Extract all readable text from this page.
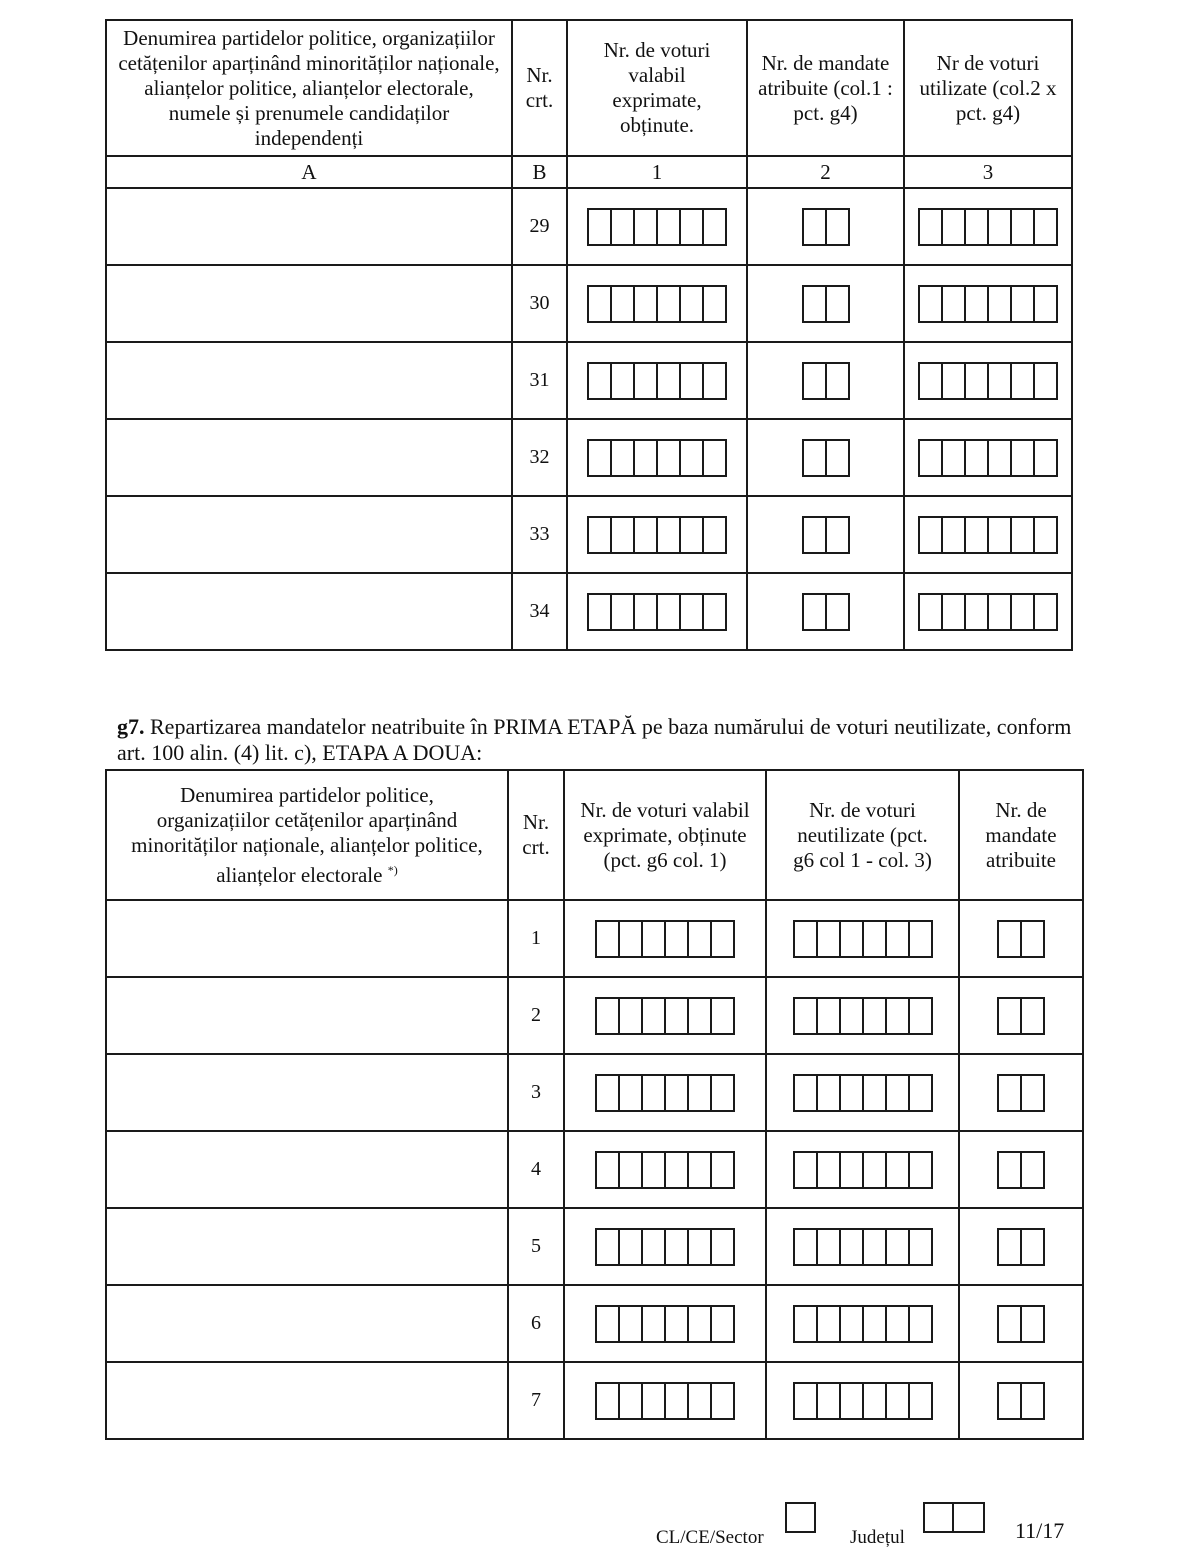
Denumirea partidelor politice, organizațiilor cetățenilor aparținând minorităților naționale, alianțelor politice, alianțelor electorale, numele și prenumele candidaților independenți	Nr. crt.	Nr. de voturi valabil exprimate, obținute.	Nr. de mandate atribuite (col.1 : pct. g4)	Nr de voturi utilizate (col.2 x pct. g4)
A	B	1	2	3
	29	

	30	

	31	

	32	

	33	

	34	

g7. Repartizarea mandatelor neatribuite în PRIMA ETAPĂ pe baza numărului de voturi neutilizate, conform art. 100 alin. (4) lit. c), ETAPA A DOUA:
Denumirea partidelor politice, organizațiilor cetățenilor aparținând minorităților naționale, alianțelor politice, alianțelor electorale *)	Nr. crt.	Nr. de voturi valabil exprimate, obținute (pct. g6 col. 1)	Nr. de voturi neutilizate (pct. g6 col 1 - col. 3)	Nr. de mandate atribuite
	1	

	2	

	3	

	4	

	5	

	6	

	7	

CL/CE/Sector	Județul	11/17
